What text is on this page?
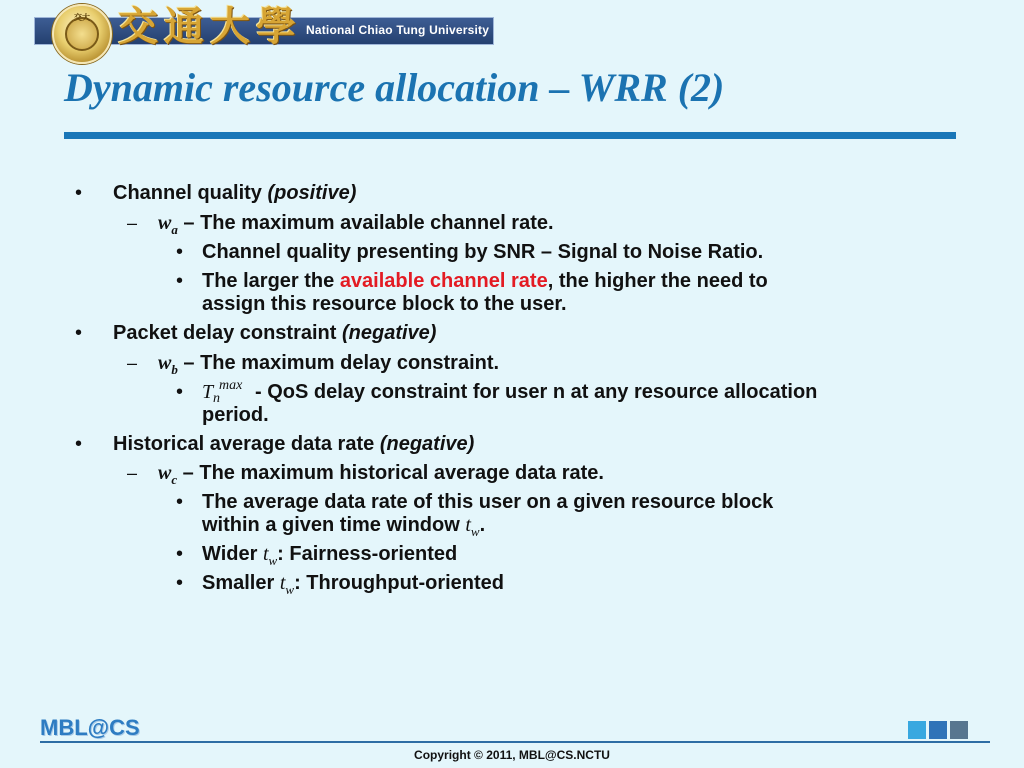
交大 交通大學 National Chiao Tung University
Dynamic resource allocation – WRR (2)
• Channel quality (positive)
– $w_a$ – The maximum available channel rate.
• Channel quality presenting by SNR – Signal to Noise Ratio.
• The larger the available channel rate, the higher the need to
assign this resource block to the user.
• Packet delay constraint (negative)
– $w_b$ – The maximum delay constraint.
• T n
max - QoS delay constraint for user n at any resource allocation
period.
• Historical average data rate (negative)
– $w_c$ – The maximum historical average data rate.
• The average data rate of this user on a given resource block
within a given time window $t_w$.
• Wider $t_w$: Fairness-oriented
• Smaller $t_w$: Throughput-oriented
MBL@CS
Copyright © 2011, MBL@CS.NCTU
